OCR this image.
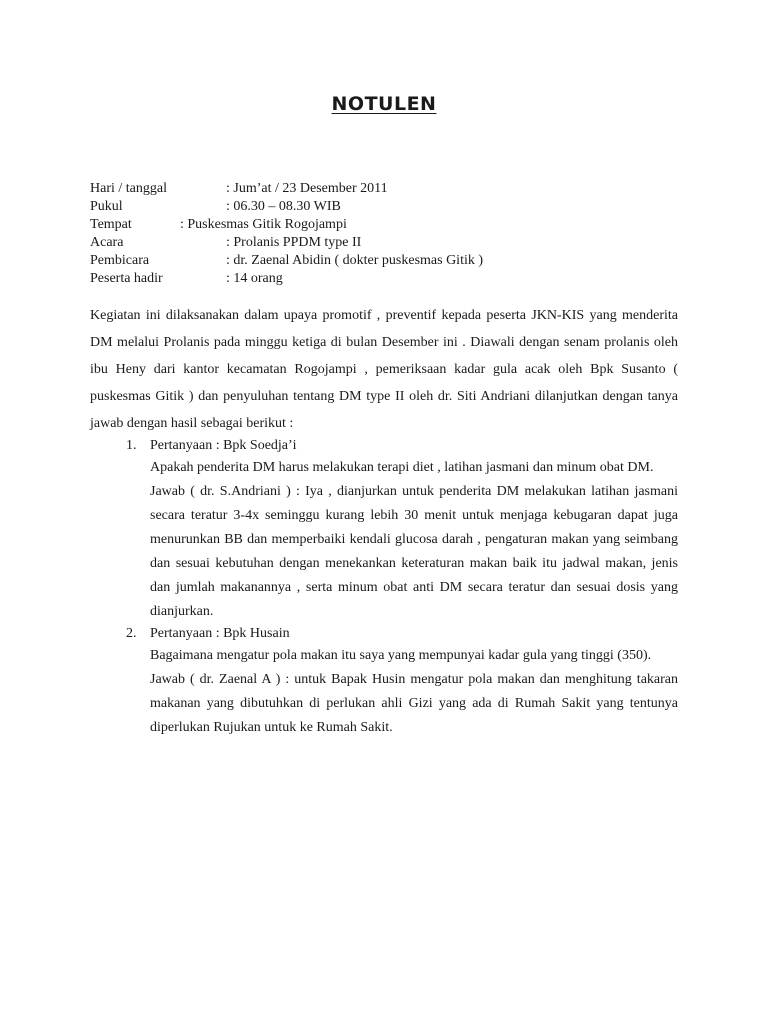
NOTULEN
Hari / tanggal	: Jum’at / 23 Desember 2011
Pukul	: 06.30 – 08.30 WIB
Tempat	: Puskesmas Gitik Rogojampi
Acara	: Prolanis PPDM type II
Pembicara	: dr. Zaenal Abidin ( dokter puskesmas Gitik )
Peserta hadir	: 14 orang
Kegiatan ini dilaksanakan dalam upaya promotif , preventif kepada peserta JKN-KIS yang menderita DM melalui Prolanis pada minggu ketiga di bulan Desember ini . Diawali dengan senam prolanis oleh ibu Heny dari kantor kecamatan Rogojampi , pemeriksaan kadar gula acak oleh Bpk Susanto ( puskesmas Gitik ) dan penyuluhan tentang DM type II oleh dr. Siti Andriani dilanjutkan dengan tanya jawab dengan hasil sebagai berikut :
1. Pertanyaan : Bpk Soedja’i

Apakah penderita DM harus melakukan terapi diet , latihan jasmani dan minum obat DM.

Jawab ( dr. S.Andriani ) : Iya , dianjurkan untuk penderita DM melakukan latihan jasmani secara teratur 3-4x seminggu kurang lebih 30 menit untuk menjaga kebugaran dapat juga menurunkan BB dan memperbaiki kendali glucosa darah , pengaturan makan yang seimbang dan sesuai kebutuhan dengan menekankan keteraturan makan baik itu jadwal makan, jenis dan jumlah makanannya , serta minum obat anti DM secara teratur dan sesuai dosis yang dianjurkan.

2. Pertanyaan : Bpk Husain

Bagaimana mengatur pola makan itu saya yang mempunyai kadar gula yang tinggi (350).

Jawab ( dr. Zaenal A ) : untuk Bapak Husin mengatur pola makan dan menghitung takaran makanan yang dibutuhkan di perlukan ahli Gizi yang ada di Rumah Sakit yang tentunya diperlukan Rujukan untuk ke Rumah Sakit.
